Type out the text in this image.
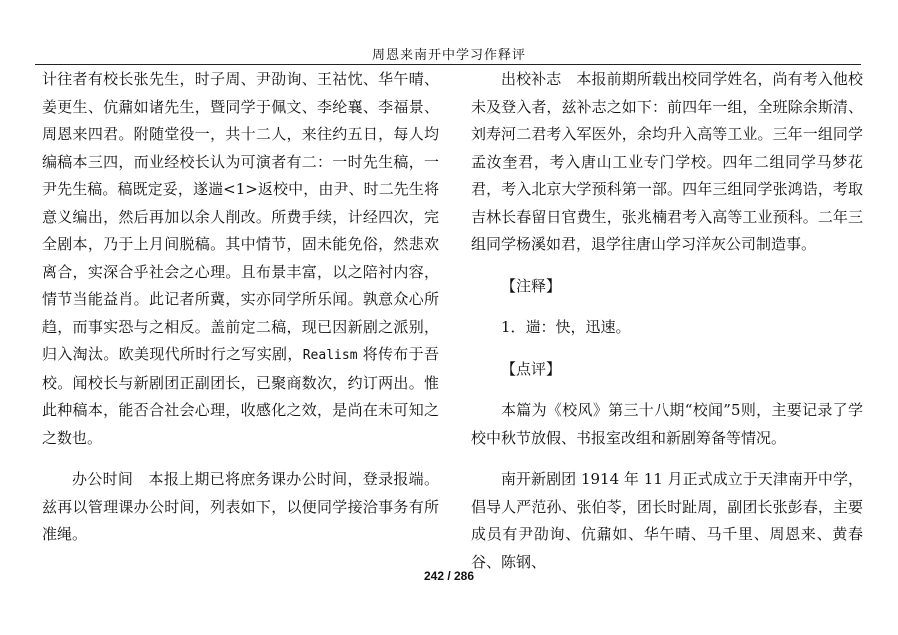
周恩来南开中学习作释评

计往者有校长张先生，时子周、尹劭询、王祜忱、华午晴、姜更生、伉鼐如诸先生，暨同学于佩文、李纶襄、李福景、周恩来四君。附随堂役一，共十二人，来往约五日，每人均编稿本三四，而业经校长认为可演者有二：一时先生稿，一尹先生稿。稿既定妥，遂遄<1>返校中，由尹、时二先生将意义编出，然后再加以余人削改。所费手续，计经四次，完全剧本，乃于上月间脱稿。其中情节，固未能免俗，然悲欢离合，实深合乎社会之心理。且布景丰富，以之陪衬内容，情节当能益肖。此记者所冀，实亦同学所乐闻。孰意众心所趋，而事实恐与之相反。盖前定二稿，现已因新剧之派别，归入淘汰。欧美现代所时行之写实剧，Realism 将传布于吾校。闻校长与新剧团正副团长，已聚商数次，约订两出。惟此种稿本，能否合社会心理，收感化之效，是尚在未可知之之数也。

办公时间　本报上期已将庶务课办公时间，登录报端。兹再以管理课办公时间，列表如下，以便同学接洽事务有所准绳。

出校补志　本报前期所载出校同学姓名，尚有考入他校未及登入者，兹补志之如下：前四年一组，全班除余斯清、刘寿河二君考入军医外，余均升入高等工业。三年一组同学孟汝奎君，考入唐山工业专门学校。四年二组同学马梦花君，考入北京大学预科第一部。四年三组同学张鸿诰，考取吉林长春留日官费生，张兆楠君考入高等工业预科。二年三组同学杨溪如君，退学往唐山学习洋灰公司制造事。

【注释】

1．遄：快，迅速。

【点评】

本篇为《校风》第三十八期“校闻”5则，主要记录了学校中秋节放假、书报室改组和新剧筹备等情况。

南开新剧团 1914 年 11 月正式成立于天津南开中学，倡导人严范孙、张伯苓，团长时趾周，副团长张彭春，主要成员有尹劭询、伉鼐如、华午晴、马千里、周恩来、黄春谷、陈钢、

242 / 286
